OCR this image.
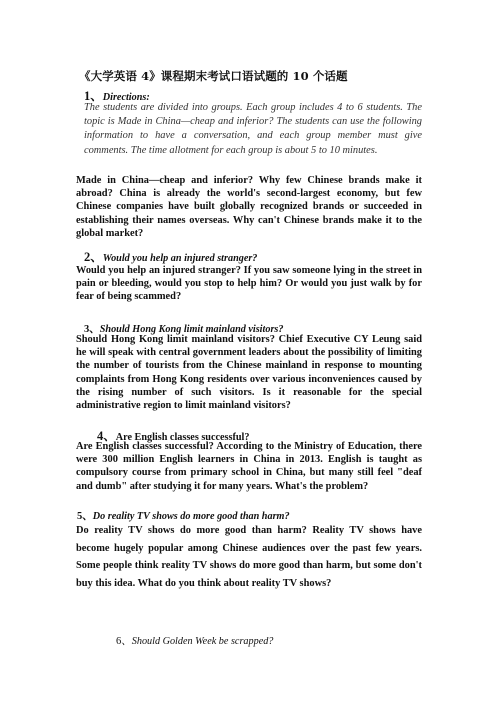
《大学英语 4》课程期末考试口语试题的 10 个话题
1、Directions:
The students are divided into groups. Each group includes 4 to 6 students. The topic is Made in China—cheap and inferior? The students can use the following information to have a conversation, and each group member must give comments. The time allotment for each group is about 5 to 10 minutes.
Made in China—cheap and inferior? Why few Chinese brands make it abroad? China is already the world's second-largest economy, but few Chinese companies have built globally recognized brands or succeeded in establishing their names overseas. Why can't Chinese brands make it to the global market?
2、Would you help an injured stranger?
Would you help an injured stranger? If you saw someone lying in the street in pain or bleeding, would you stop to help him? Or would you just walk by for fear of being scammed?
3、Should Hong Kong limit mainland visitors?
Should Hong Kong limit mainland visitors? Chief Executive CY Leung said he will speak with central government leaders about the possibility of limiting the number of tourists from the Chinese mainland in response to mounting complaints from Hong Kong residents over various inconveniences caused by the rising number of such visitors. Is it reasonable for the special administrative region to limit mainland visitors?
4、Are English classes successful?
Are English classes successful? According to the Ministry of Education, there were 300 million English learners in China in 2013. English is taught as compulsory course from primary school in China, but many still feel "deaf and dumb" after studying it for many years. What's the problem?
5、Do reality TV shows do more good than harm?
Do reality TV shows do more good than harm? Reality TV shows have become hugely popular among Chinese audiences over the past few years. Some people think reality TV shows do more good than harm, but some don't buy this idea. What do you think about reality TV shows?
6、Should Golden Week be scrapped?
